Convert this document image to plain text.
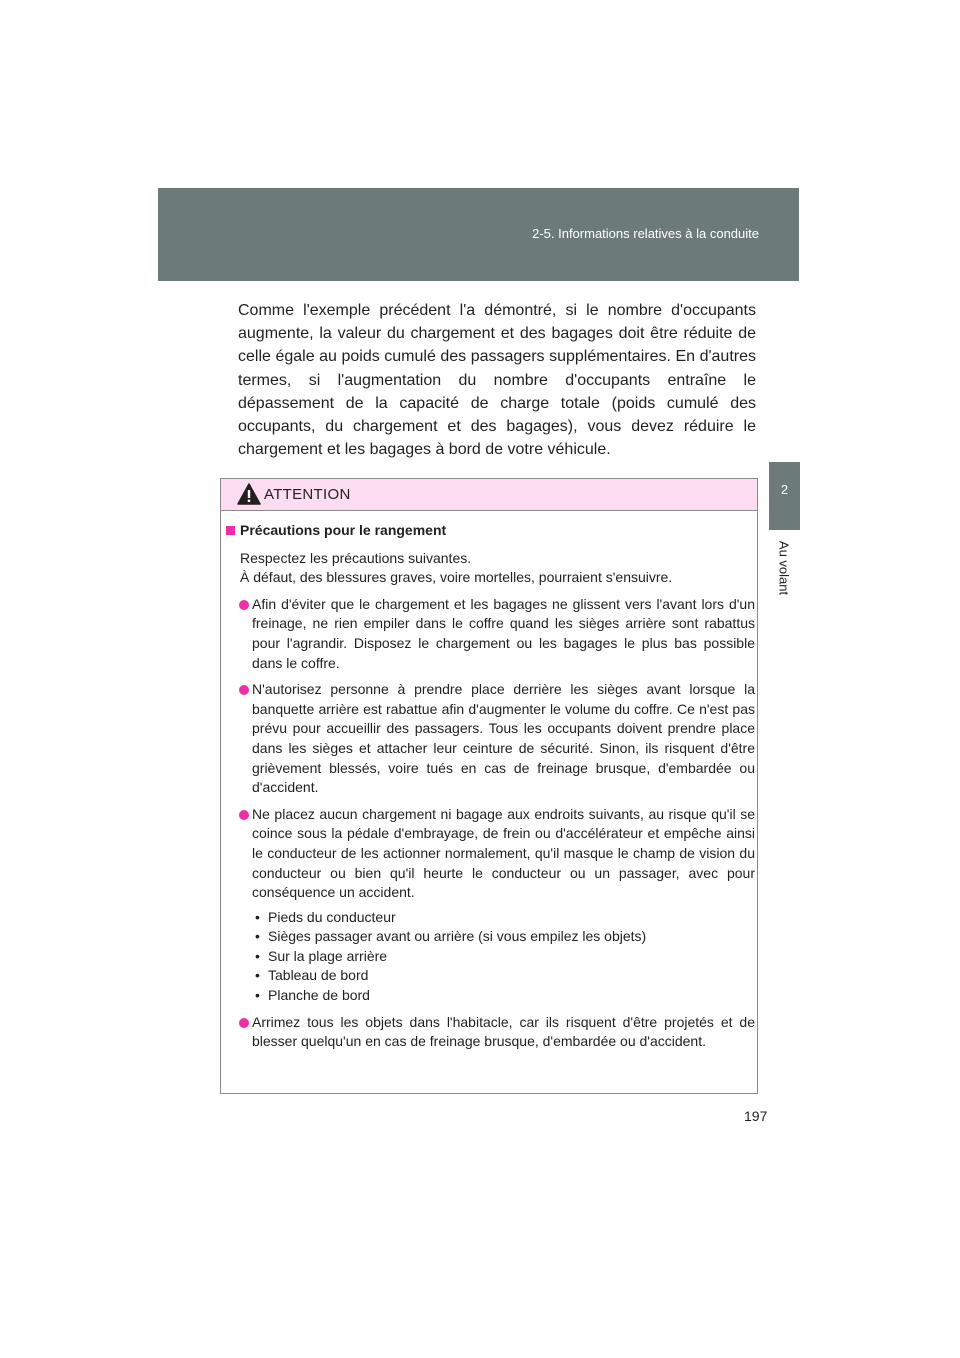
2-5. Informations relatives à la conduite
2
Au volant

Comme l'exemple précédent l'a démontré, si le nombre d'occupants augmente, la valeur du chargement et des bagages doit être réduite de celle égale au poids cumulé des passagers supplémentaires. En d'autres termes, si l'augmentation du nombre d'occupants entraîne le dépassement de la capacité de charge totale (poids cumulé des occupants, du chargement et des bagages), vous devez réduire le chargement et les bagages à bord de votre véhicule.

ATTENTION
Précautions pour le rangement
Respectez les précautions suivantes.
À défaut, des blessures graves, voire mortelles, pourraient s'ensuivre.
Afin d'éviter que le chargement et les bagages ne glissent vers l'avant lors d'un freinage, ne rien empiler dans le coffre quand les sièges arrière sont rabattus pour l'agrandir. Disposez le chargement ou les bagages le plus bas possible dans le coffre.
N'autorisez personne à prendre place derrière les sièges avant lorsque la banquette arrière est rabattue afin d'augmenter le volume du coffre. Ce n'est pas prévu pour accueillir des passagers. Tous les occupants doivent prendre place dans les sièges et attacher leur ceinture de sécurité. Sinon, ils risquent d'être grièvement blessés, voire tués en cas de freinage brusque, d'embardée ou d'accident.
Ne placez aucun chargement ni bagage aux endroits suivants, au risque qu'il se coince sous la pédale d'embrayage, de frein ou d'accélérateur et empêche ainsi le conducteur de les actionner normalement, qu'il masque le champ de vision du conducteur ou bien qu'il heurte le conducteur ou un passager, avec pour conséquence un accident.
• Pieds du conducteur
• Sièges passager avant ou arrière (si vous empilez les objets)
• Sur la plage arrière
• Tableau de bord
• Planche de bord
Arrimez tous les objets dans l'habitacle, car ils risquent d'être projetés et de blesser quelqu'un en cas de freinage brusque, d'embardée ou d'accident.
197
